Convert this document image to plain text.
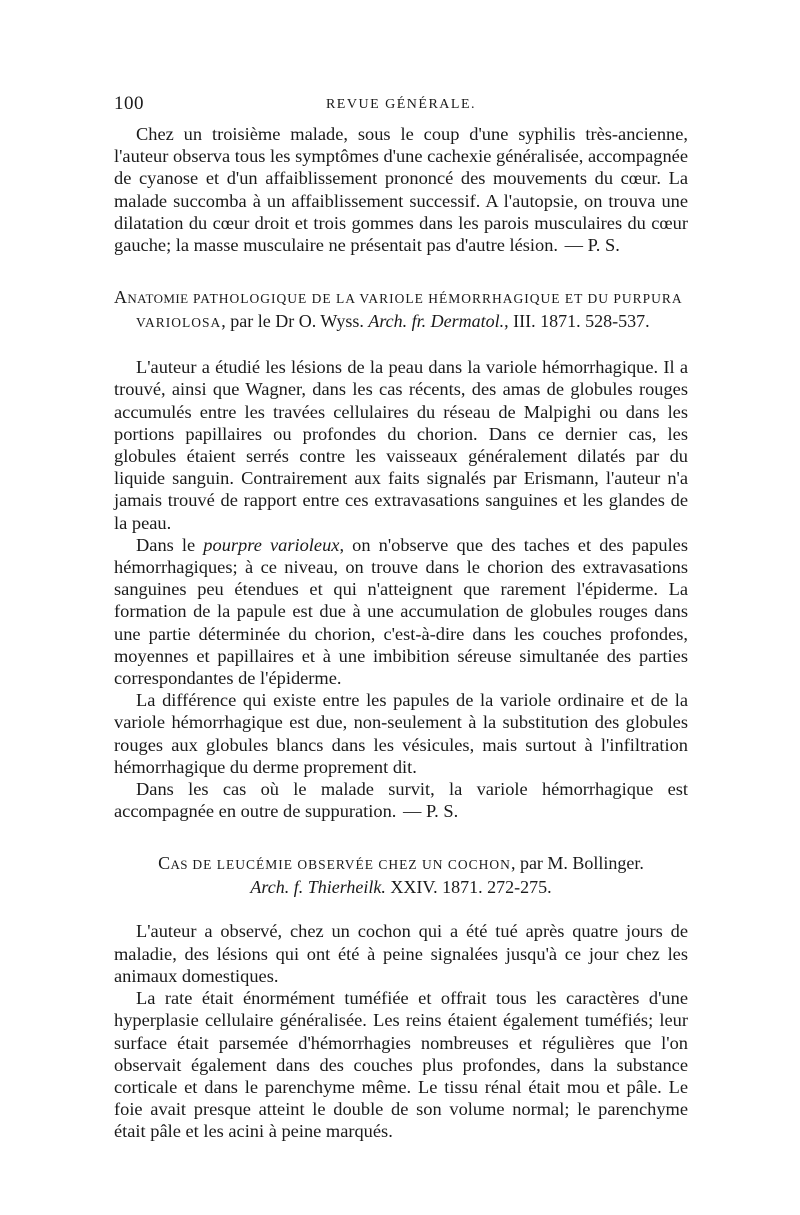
100	REVUE GÉNÉRALE.

Chez un troisième malade, sous le coup d'une syphilis très-ancienne, l'auteur observa tous les symptômes d'une cachexie généralisée, accompagnée de cyanose et d'un affaiblissement prononcé des mouvements du cœur. La malade succomba à un affaiblissement successif. A l'autopsie, on trouva une dilatation du cœur droit et trois gommes dans les parois musculaires du cœur gauche; la masse musculaire ne présentait pas d'autre lésion. — P. S.

Anatomie PATHOLOGIQUE DE LA VARIOLE HÉMORRHAGIQUE ET DU PURPURA VARIOLOSA, par le Dr O. Wyss. Arch. fr. Dermatol., III. 1871. 528-537.

L'auteur a étudié les lésions de la peau dans la variole hémorrhagique. Il a trouvé, ainsi que Wagner, dans les cas récents, des amas de globules rouges accumulés entre les travées cellulaires du réseau de Malpighi ou dans les portions papillaires ou profondes du chorion. Dans ce dernier cas, les globules étaient serrés contre les vaisseaux généralement dilatés par du liquide sanguin. Contrairement aux faits signalés par Erismann, l'auteur n'a jamais trouvé de rapport entre ces extravasations sanguines et les glandes de la peau.

Dans le pourpre varioleux, on n'observe que des taches et des papules hémorrhagiques; à ce niveau, on trouve dans le chorion des extravasations sanguines peu étendues et qui n'atteignent que rarement l'épiderme. La formation de la papule est due à une accumulation de globules rouges dans une partie déterminée du chorion, c'est-à-dire dans les couches profondes, moyennes et papillaires et à une imbibition séreuse simultanée des parties correspondantes de l'épiderme.

La différence qui existe entre les papules de la variole ordinaire et de la variole hémorrhagique est due, non-seulement à la substitution des globules rouges aux globules blancs dans les vésicules, mais surtout à l'infiltration hémorrhagique du derme proprement dit.

Dans les cas où le malade survit, la variole hémorrhagique est accompagnée en outre de suppuration. — P. S.

Cas DE LEUCÉMIE OBSERVÉE CHEZ UN COCHON, par M. Bollinger.
Arch. f. Thierheilk. XXIV. 1871. 272-275.

L'auteur a observé, chez un cochon qui a été tué après quatre jours de maladie, des lésions qui ont été à peine signalées jusqu'à ce jour chez les animaux domestiques.

La rate était énormément tuméfiée et offrait tous les caractères d'une hyperplasie cellulaire généralisée. Les reins étaient également tuméfiés; leur surface était parsemée d'hémorrhagies nombreuses et régulières que l'on observait également dans des couches plus profondes, dans la substance corticale et dans le parenchyme même. Le tissu rénal était mou et pâle. Le foie avait presque atteint le double de son volume normal; le parenchyme était pâle et les acini à peine marqués.
